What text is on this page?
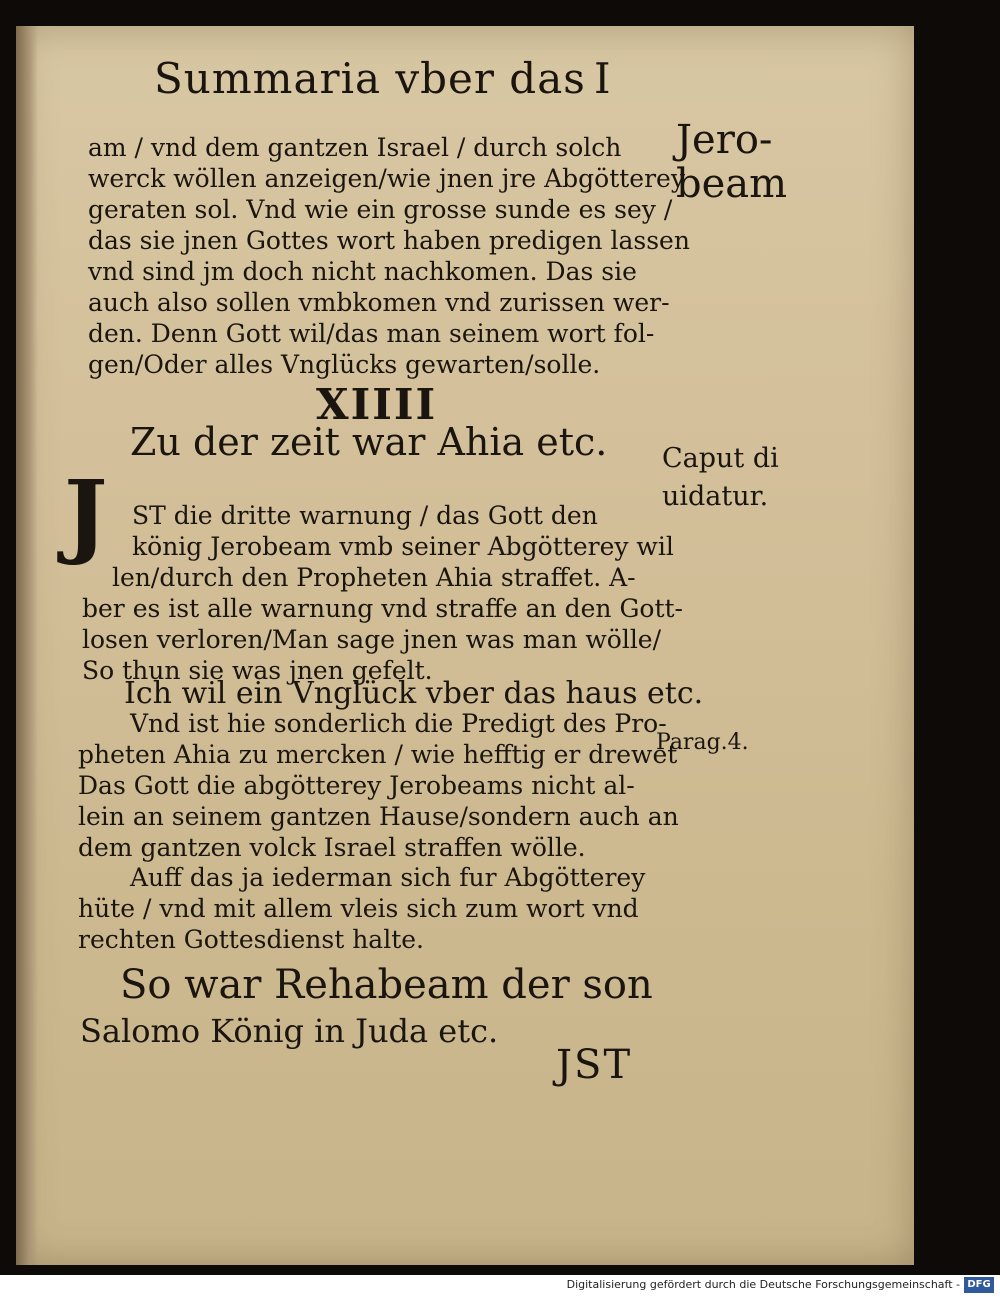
Summaria vber das I
Jero-
beam
am / vnd dem gantzen Israel / durch solch
werck wöllen anzeigen/wie jnen jre Abgötterey
geraten sol. Vnd wie ein grosse sunde es sey /
das sie jnen Gottes wort haben predigen lassen
vnd sind jm doch nicht nachkomen. Das sie
auch also sollen vmbkomen vnd zurissen wer-
den. Denn Gott wil/das man seinem wort fol-
gen/Oder alles Vnglücks gewarten/solle.
XIIII
Zu der zeit war Ahia etc. Caput di
uidatur.
J ST die dritte warnung / das Gott den
könig Jerobeam vmb seiner Abgötterey wil
len/durch den Propheten Ahia straffet. A-
ber es ist alle warnung vnd straffe an den Gott-
losen verloren/Man sage jnen was man wölle/
So thun sie was jnen gefelt.
Ich wil ein Vnglück vber das haus etc.
Parag.4.
Vnd ist hie sonderlich die Predigt des Pro-
pheten Ahia zu mercken / wie hefftig er drewet
Das Gott die abgötterey Jerobeams nicht al-
lein an seinem gantzen Hause/sondern auch an
dem gantzen volck Israel straffen wölle.
Auff das ja iederman sich fur Abgötterey
hüte / vnd mit allem vleis sich zum wort vnd
rechten Gottesdienst halte.
So war Rehabeam der son
Salomo König in Juda etc.
JST
Digitalisierung gefördert durch die Deutsche Forschungsgemeinschaft - DFG
